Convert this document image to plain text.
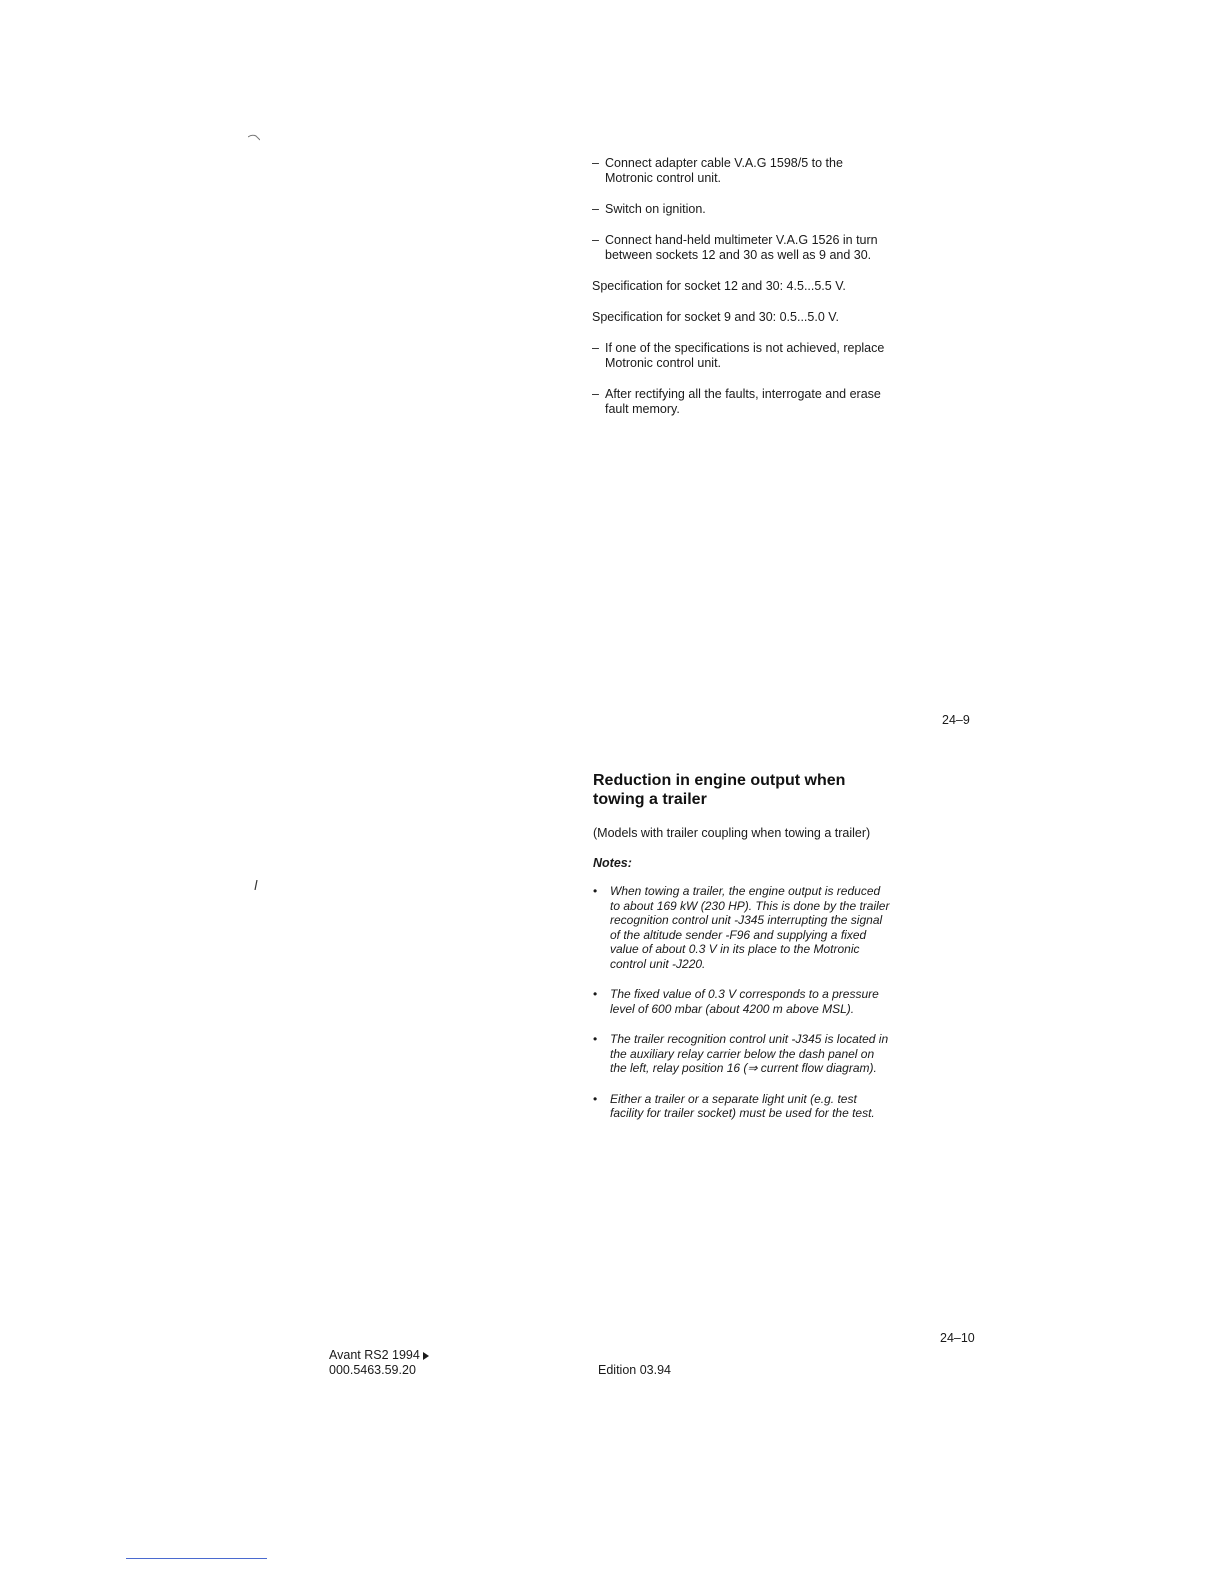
– Connect adapter cable V.A.G 1598/5 to the Motronic control unit.
– Switch on ignition.
– Connect hand-held multimeter V.A.G 1526 in turn between sockets 12 and 30 as well as 9 and 30.
Specification for socket 12 and 30: 4.5...5.5 V.
Specification for socket 9 and 30: 0.5...5.0 V.
– If one of the specifications is not achieved, replace Motronic control unit.
– After rectifying all the faults, interrogate and erase fault memory.
24–9
Reduction in engine output when towing a trailer
(Models with trailer coupling when towing a trailer)
Notes:
• When towing a trailer, the engine output is reduced to about 169 kW (230 HP). This is done by the trailer recognition control unit -J345 interrupting the signal of the altitude sender -F96 and supplying a fixed value of about 0.3 V in its place to the Motronic control unit -J220.
• The fixed value of 0.3 V corresponds to a pressure level of 600 mbar (about 4200 m above MSL).
• The trailer recognition control unit -J345 is located in the auxiliary relay carrier below the dash panel on the left, relay position 16 (⇒ current flow diagram).
• Either a trailer or a separate light unit (e.g. test facility for trailer socket) must be used for the test.
24–10
Avant RS2 1994
000.5463.59.20	Edition 03.94
